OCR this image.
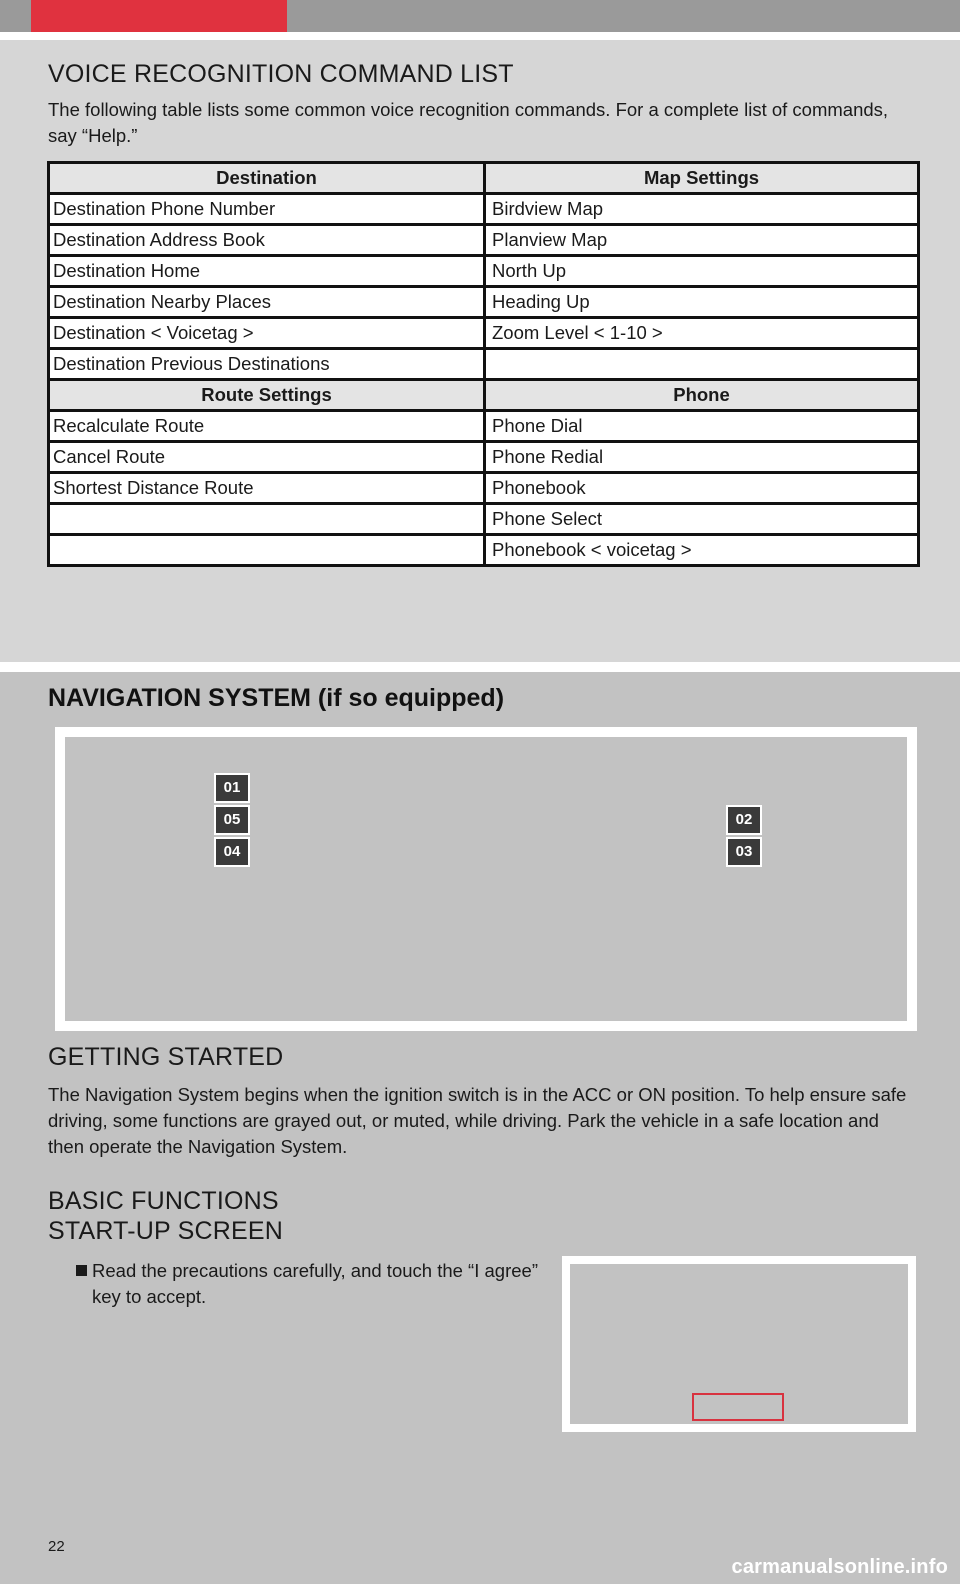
VOICE RECOGNITION COMMAND LIST

The following table lists some common voice recognition commands. For a complete list of commands, say “Help.”

Destination	Map Settings
Destination Phone Number	Birdview Map
Destination Address Book	Planview Map
Destination Home	North Up
Destination Nearby Places	Heading Up
Destination < Voicetag >	Zoom Level < 1-10 >
Destination Previous Destinations	
Route Settings	Phone
Recalculate Route	Phone Dial
Cancel Route	Phone Redial
Shortest Distance Route	Phonebook
	Phone Select
	Phonebook < voicetag >
NAVIGATION SYSTEM (if so equipped)
01
05
04
02
03
GETTING STARTED

The Navigation System begins when the ignition switch is in the ACC or ON position. To help ensure safe driving, some functions are grayed out, or muted, while driving. Park the vehicle in a safe location and then operate the Navigation System.

BASIC FUNCTIONS
START-UP SCREEN

Read the precautions carefully, and touch the “I agree” key to accept.

22
carmanualsonline.info
